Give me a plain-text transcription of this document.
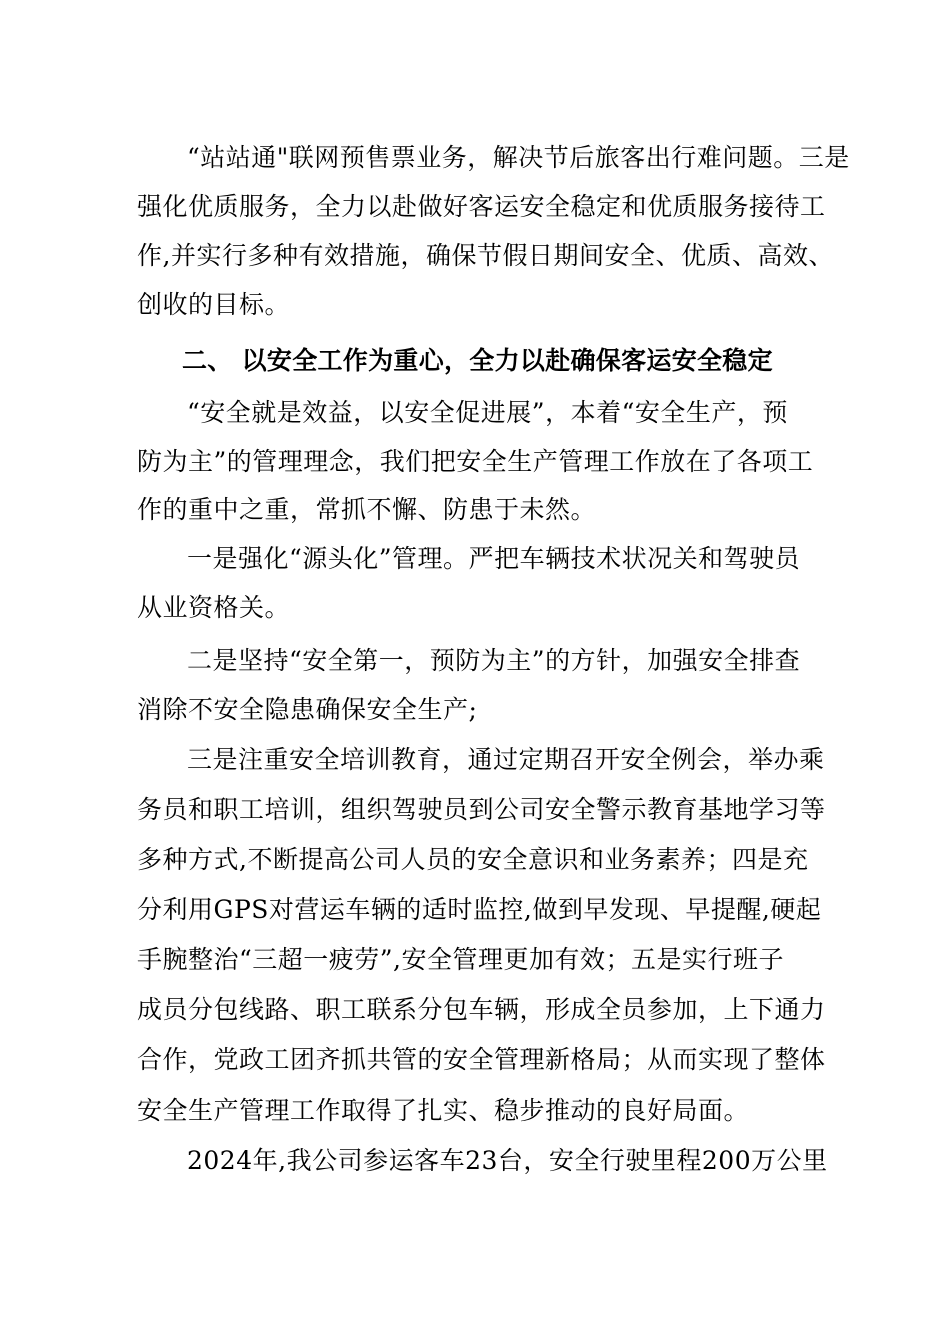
“站站通"联网预售票业务，解决节后旅客出行难问题。三是
强化优质服务，全力以赴做好客运安全稳定和优质服务接待工
作,并实行多种有效措施，确保节假日期间安全、优质、高效、
创收的目标。
二、 以安全工作为重心，全力以赴确保客运安全稳定
“安全就是效益，以安全促进展”，本着“安全生产，预
防为主”的管理理念，我们把安全生产管理工作放在了各项工
作的重中之重，常抓不懈、防患于未然。
一是强化“源头化”管理。严把车辆技术状况关和驾驶员
从业资格关。
二是坚持“安全第一，预防为主”的方针，加强安全排查
消除不安全隐患确保安全生产;
三是注重安全培训教育，通过定期召开安全例会，举办乘
务员和职工培训，组织驾驶员到公司安全警示教育基地学习等
多种方式,不断提高公司人员的安全意识和业务素养；四是充
分利用GPS对营运车辆的适时监控,做到早发现、早提醒,硬起
手腕整治“三超一疲劳”,安全管理更加有效；五是实行班子
成员分包线路、职工联系分包车辆，形成全员参加，上下通力
合作，党政工团齐抓共管的安全管理新格局；从而实现了整体
安全生产管理工作取得了扎实、稳步推动的良好局面。
2024年,我公司参运客车23台，安全行驶里程200万公里
